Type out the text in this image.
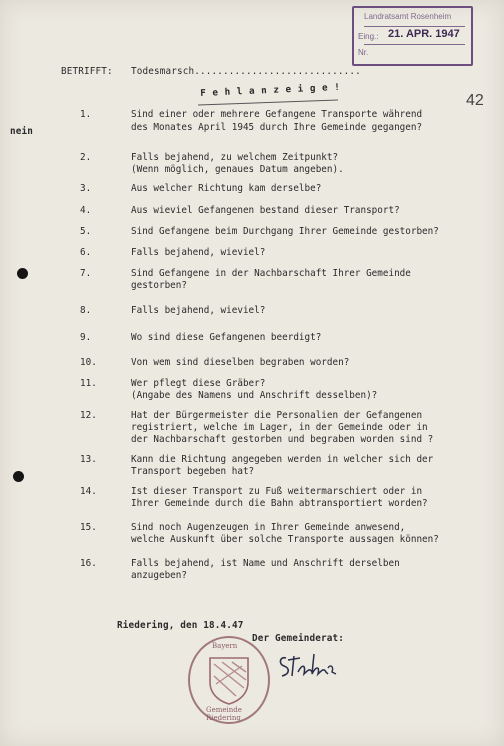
Landratsamt Rosenheim
Eing.: 21. APR. 1947
Nr.
42
BETRIFFT: Todesmarsch.............................
F e h l a n z e i g e !
nein
1.	Sind einer oder mehrere Gefangene Transporte während
des Monates April 1945 durch Ihre Gemeinde gegangen?
2.	Falls bejahend, zu welchem Zeitpunkt?
(Wenn möglich, genaues Datum angeben).
3.	Aus welcher Richtung kam derselbe?
4.	Aus wieviel Gefangenen bestand dieser Transport?
5.	Sind Gefangene beim Durchgang Ihrer Gemeinde gestorben?
6.	Falls bejahend, wieviel?
7.	Sind Gefangene in der Nachbarschaft Ihrer Gemeinde
gestorben?
8.	Falls bejahend, wieviel?
9.	Wo sind diese Gefangenen beerdigt?
10.	Von wem sind dieselben begraben worden?
11.	Wer pflegt diese Gräber?
(Angabe des Namens und Anschrift desselben)?
12.	Hat der Bürgermeister die Personalien der Gefangenen
registriert, welche im Lager, in der Gemeinde oder in
der Nachbarschaft gestorben und begraben worden sind ?
13.	Kann die Richtung angegeben werden in welcher sich der
Transport begeben hat?
14.	Ist dieser Transport zu Fuß weitermarschiert oder in
Ihrer Gemeinde durch die Bahn abtransportiert worden?
15.	Sind noch Augenzeugen in Ihrer Gemeinde anwesend,
welche Auskunft über solche Transporte aussagen können?
16.	Falls bejahend, ist Name und Anschrift derselben
anzugeben?
Riedering, den 18.4.47
Der Gemeinderat:
Bayern
Gemeinde Riedering
